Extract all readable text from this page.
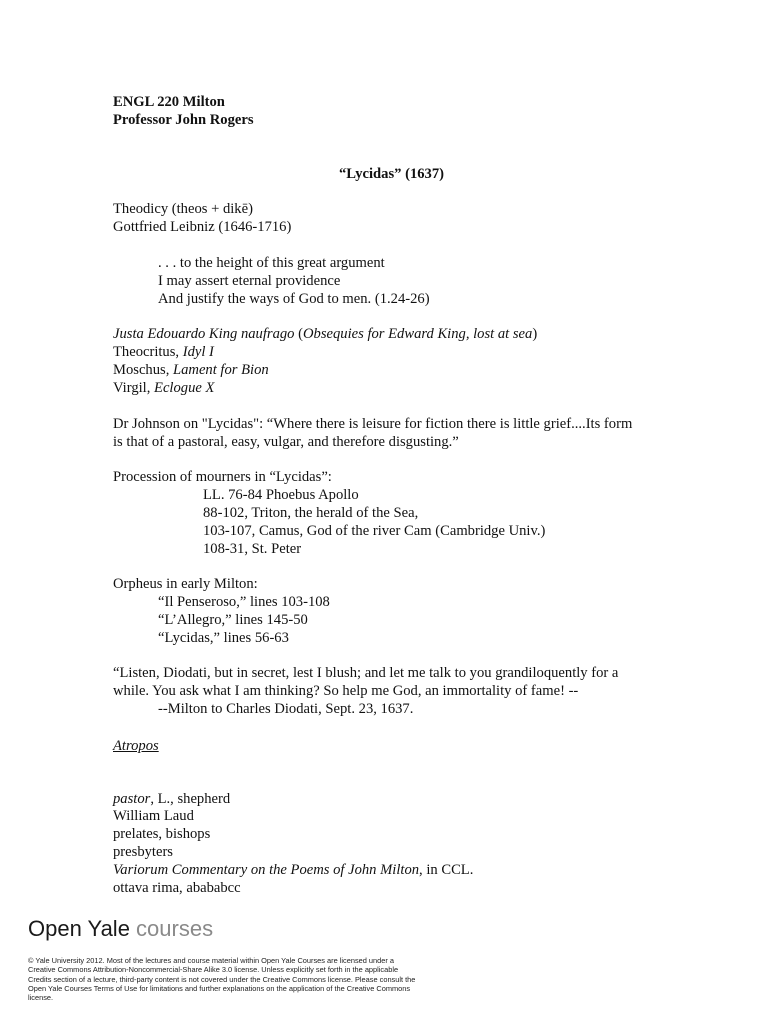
ENGL 220 Milton
Professor John Rogers
“Lycidas” (1637)
Theodicy (theos + dikē)
Gottfried Leibniz (1646-1716)
. . . to the height of this great argument
I may assert eternal providence
And justify the ways of God to men. (1.24-26)
Justa Edouardo King naufrago (Obsequies for Edward King, lost at sea)
Theocritus, Idyl I
Moschus, Lament for Bion
Virgil, Eclogue X
Dr Johnson on "Lycidas": “Where there is leisure for fiction there is little grief....Its form
is that of a pastoral, easy, vulgar, and therefore disgusting.”
Procession of mourners in “Lycidas”:
LL. 76-84 Phoebus Apollo
88-102, Triton, the herald of the Sea,
103-107, Camus, God of the river Cam (Cambridge Univ.)
108-31, St. Peter
Orpheus in early Milton:
“Il Penseroso,” lines 103-108
“L’Allegro,” lines 145-50
“Lycidas,” lines 56-63
“Listen, Diodati, but in secret, lest I blush; and let me talk to you grandiloquently for a
while. You ask what I am thinking? So help me God, an immortality of fame! --
--Milton to Charles Diodati, Sept. 23, 1637.
Atropos
pastor, L., shepherd
William Laud
prelates, bishops
presbyters
Variorum Commentary on the Poems of John Milton, in CCL.
ottava rima, abababcc
Open Yale courses
© Yale University 2012. Most of the lectures and course material within Open Yale Courses are licensed under a Creative Commons Attribution-Noncommercial-Share Alike 3.0 license. Unless explicitly set forth in the applicable Credits section of a lecture, third-party content is not covered under the Creative Commons license. Please consult the Open Yale Courses Terms of Use for limitations and further explanations on the application of the Creative Commons license.
